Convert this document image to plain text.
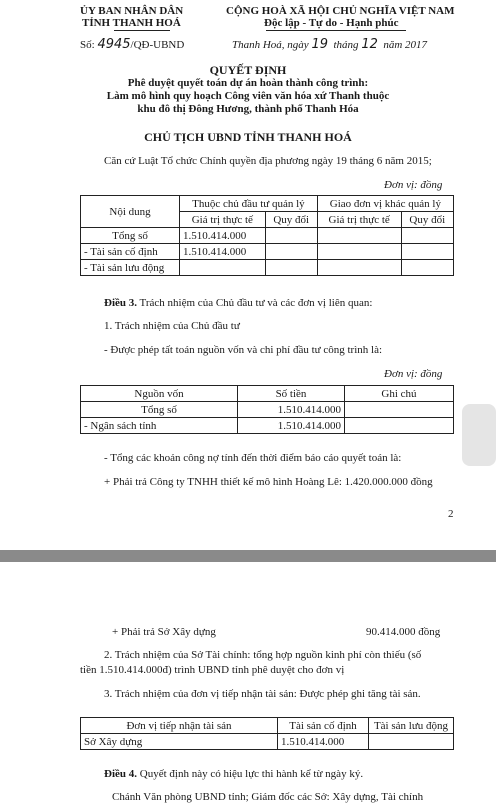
ỦY BAN NHÂN DÂN
TỈNH THANH HOÁ
CỘNG HOÀ XÃ HỘI CHỦ NGHĨA VIỆT NAM
Độc lập - Tự do - Hạnh phúc
Số: 4945/QĐ-UBND	Thanh Hoá, ngày 19 tháng 12 năm 2017
QUYẾT ĐỊNH
Phê duyệt quyết toán dự án hoàn thành công trình:
Làm mô hình quy hoạch Công viên văn hóa xứ Thanh thuộc
khu đô thị Đông Hương, thành phố Thanh Hóa
CHỦ TỊCH UBND TỈNH THANH HOÁ
Căn cứ Luật Tổ chức Chính quyền địa phương ngày 19 tháng 6 năm 2015;
Đơn vị: đồng
Nội dung	Thuộc chủ đầu tư quản lý		Giao đơn vị khác quản lý	
	Giá trị thực tế	Quy đổi	Giá trị thực tế	Quy đổi
Tổng số	1.510.414.000			
- Tài sản cố định	1.510.414.000			
- Tài sản lưu động				
Điều 3. Trách nhiệm của Chủ đầu tư và các đơn vị liên quan:
1. Trách nhiệm của Chủ đầu tư
- Được phép tất toán nguồn vốn và chi phí đầu tư công trình là:
Đơn vị: đồng
Nguồn vốn	Số tiền	Ghi chú
Tổng số	1.510.414.000	
- Ngân sách tỉnh	1.510.414.000	
- Tổng các khoản công nợ tính đến thời điểm báo cáo quyết toán là:
+ Phải trả Công ty TNHH thiết kế mô hình Hoàng Lê: 1.420.000.000 đồng
2
+ Phải trả Sở Xây dựng	90.414.000 đồng
2. Trách nhiệm của Sở Tài chính: tổng hợp nguồn kinh phí còn thiếu (số
tiền 1.510.414.000đ) trình UBND tỉnh phê duyệt cho đơn vị
3. Trách nhiệm của đơn vị tiếp nhận tài sản: Được phép ghi tăng tài sản.
Đơn vị tiếp nhận tài sản	Tài sản cố định	Tài sản lưu động
Sở Xây dựng	1.510.414.000	
Điều 4. Quyết định này có hiệu lực thi hành kể từ ngày ký.
Chánh Văn phòng UBND tỉnh; Giám đốc các Sở: Xây dựng, Tài chính
